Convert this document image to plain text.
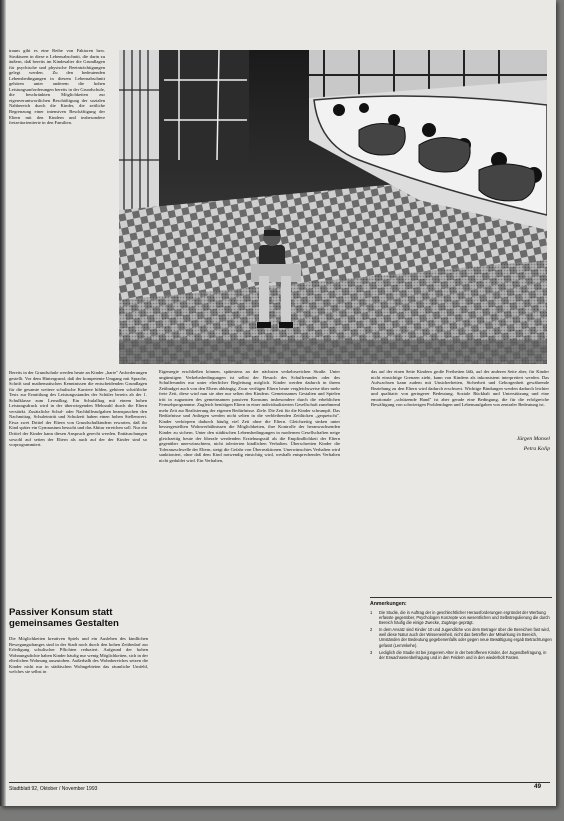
traum gibt es eine Reihe von Faktoren bzw. Strukturen in diese n Lebensabschnitt, die darin zu äußern, daß bereits im Kindesalter die Grundlagen für psychische und physische Beeinträchtigungen gelegt werden. Zu den bedeutenden Lebensbedingungen in diesem Lebensabschnitt gehören unter anderem die hohen Leistungsanforderungen bereits in der Grundschule, die beschränkten Möglichkeiten zur eigenverantwortlichen Beschäftigung der sozialen Nahbereich durch die Kinder, die zeitliche Begrenzung einer intensiven Beschäftigung der Eltern mit den Kindern und insbesondere freizeitorientierte in den Familien.

Bereits in der Grundschule werden heute an Kinder „harte" Anforderungen gestellt. Vor dem Hintergrund, daß der kompetente Umgang mit Sprache, Schrift und mathematischen Kenntnissen die entscheidenden Grundlagen für die gesamte weitere schulische Karriere bilden, gehören schriftliche Tests zur Ermittlung des Leistungsstandes der Schüler bereits ab der 1. Schulklasse zum Lernalltag. Ein Schulalltag mit einem hohen Leistungsdruck wird in der überwiegenden Mehrzahl durch die Eltern verstärkt. Zusätzliche Schul- oder Nachhilfeaufgaben beanspruchen den Nachmittag. Schuleintritt und Schulzeit haben einen hohen Stellenwert. Etwa zwei Drittel der Eltern von Grundschulkindern erwarten, daß ihr Kind später ein Gymnasium besucht und das Abitur erreichen soll. Nur ein Drittel der Kinder kann diesen Anspruch gerecht werden. Enttäuschungen sowohl auf seiten der Eltern als auch auf der der Kinder sind so vorprogrammiert.

Passiver Konsum statt gemeinsames Gestalten

Die Möglichkeiten kreativen Spiels und ein Ausleben des kindlichen Bewegungsdranges sind in der Stadt noch durch den hohen Zeitbedarf zur Erledigung schulischer Pflichten reduziert. Aufgrund der hohen Wohnungsdichte haben Kinder häufig nur wenig Möglichkeiten, sich in der elterlichen Wohnung auszutoben. Außerhalb des Wohnbereiches setzen die Kinder nicht nur in städtischen Wohngebieten das räumliche Umfeld, welches sie selbst in

Eigenregie erschließen können, spätestens an der nächsten verkehrsreichen Straße. Unter ungünstigen Verkehrsbedingungen ist selbst der Besuch des Schulfreundes oder des Schulfreundes nur unter elterlicher Begleitung möglich. Kinder werden dadurch in ihrem Zeitbudget auch von den Eltern abhängig. Zwar verfügen Eltern heute vergleichsweise über mehr freie Zeit, diese wird nun sie aber nur selten den Kindern. Gemeinsames Gestalten und Spielen tritt in zugunsten des gemeinsamen passiven Konsums insbesondere durch die erheblichen Fernsehprogramme. Zugleich benötigen Eltern in einer individualisierten Gesellschaft zunehmend mehr Zeit zur Realisierung der eigenen Bedürfnisse. Ziele. Die Zeit für die Kinder schrumpft. Das Bedürfnisse und Anliegen werden nicht selten in die verbleibenden Zeitlücken „gequetscht". Kinder verkörpern dadurch häufig viel Zeit ohne die Eltern. Gleichzeitig sinken unter bessergestellten Wohnverhältnissen die Möglichkeiten, ihre Kontrolle der heranwachsenden Kinder zu sichern. Unter den städtischen Lebensbedingungen in modernen Gesellschaften neige gleichzeitig heute der liberale werdenden Erziehungsstil als die Empfindlichkeit der Eltern gegenüber unerwünschtem, nicht tolerierten kindlichen Verhalten. Überschreiten Kinder die Toleranzschwelle der Eltern, steigt die Gefahr von Überreaktionen. Unerwünschtes Verhalten wird sanktioniert, ohne daß dem Kind notwendig einsichtig wird, weshalb entsprechendes Verhalten nicht geduldet wird. Ein Verhalten,

das auf der einen Seite Kindern große Freiheiten läßt, auf der anderen Seite aber, für Kinder nicht einsichtige Grenzen zieht, kann von Kindern als inkonsistent interpretiert werden. Das Aufwachsen kann zudem mit Unsicherheiten, Sicherheit und Geborgenheit gewährende Beziehung zu den Eltern wird dadurch erschwert. Wichtige Bindungen werden dadurch leichter und qualitativ von geringerer Bedeutung. Soziale Rückhalt und Unterstützung und eine emotionale „schützende Hand" ist aber gerade eine Bedingung, die für die erfolgreiche Bewältigung von schwierigen Problemlagen und Lebensaufgaben von zentraler Bedeutung ist.

Jürgen Mansel
Petra Kolip
Anmerkungen:
1 Die Studie, die in Auftrag der in geschlechtlicher Herausforderungen ergründet der Werbung erfasste gegenüber, Psychologen Konzepte von wesentlichen und Selbstregulierung die durch Bereich häufig die einige Zwecke, Zugänge geprägt.
2 In dem Ansatz sind Kinder 10 und Jugendliche von dem Betrager über die Bereichen fast wird, weil diese Natur auch der Wisseneinheit, nicht das betreffen der Mitwirkung im Bereich, Umständen der Bedeutung gegebenenfalls oder gegen neue Bewältigung ergab Betrachtungen gefasst (Lemmkehe).
3 Lediglich die Studie ist bei jüngerem Alter in der betroffenen Kinder, der Jugendbefragung, in der Erwachsenenbefragung und in den Feldern und in den wiederholt Fasten.
Stadtblatt 92, Oktober / November 1993	49
